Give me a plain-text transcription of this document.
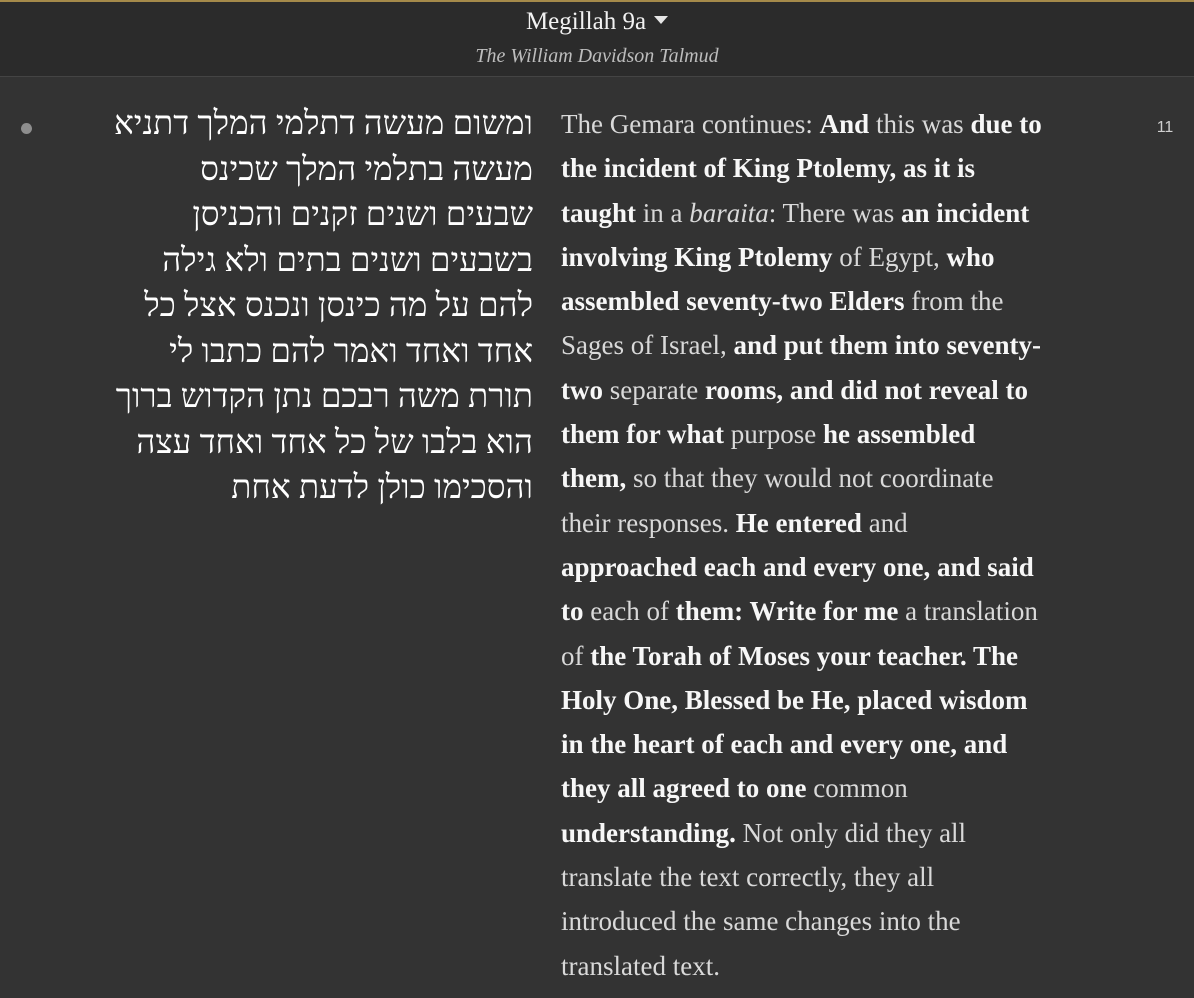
Megillah 9a
The William Davidson Talmud
ומשום מעשה דתלמי המלך דתניא
מעשה בתלמי המלך שכינס
שבעים ושנים זקנים והכניסן
בשבעים ושנים בתים ולא גילה
להם על מה כינסן ונכנס אצל כל
אחד ואחד ואמר להם כתבו לי
תורת משה רבכם נתן הקדוש ברוך
הוא בלבו של כל אחד ואחד עצה
והסכימו כולן לדעת אחת
The Gemara continues: And this was due to
the incident of King Ptolemy, as it is
taught in a baraita: There was an incident
involving King Ptolemy of Egypt, who
assembled seventy-two Elders from the
Sages of Israel, and put them into seventy-
two separate rooms, and did not reveal to
them for what purpose he assembled
them, so that they would not coordinate
their responses. He entered and
approached each and every one, and said
to each of them: Write for me a translation
of the Torah of Moses your teacher. The
Holy One, Blessed be He, placed wisdom
in the heart of each and every one, and
they all agreed to one common
understanding. Not only did they all
translate the text correctly, they all
introduced the same changes into the
translated text.
11
